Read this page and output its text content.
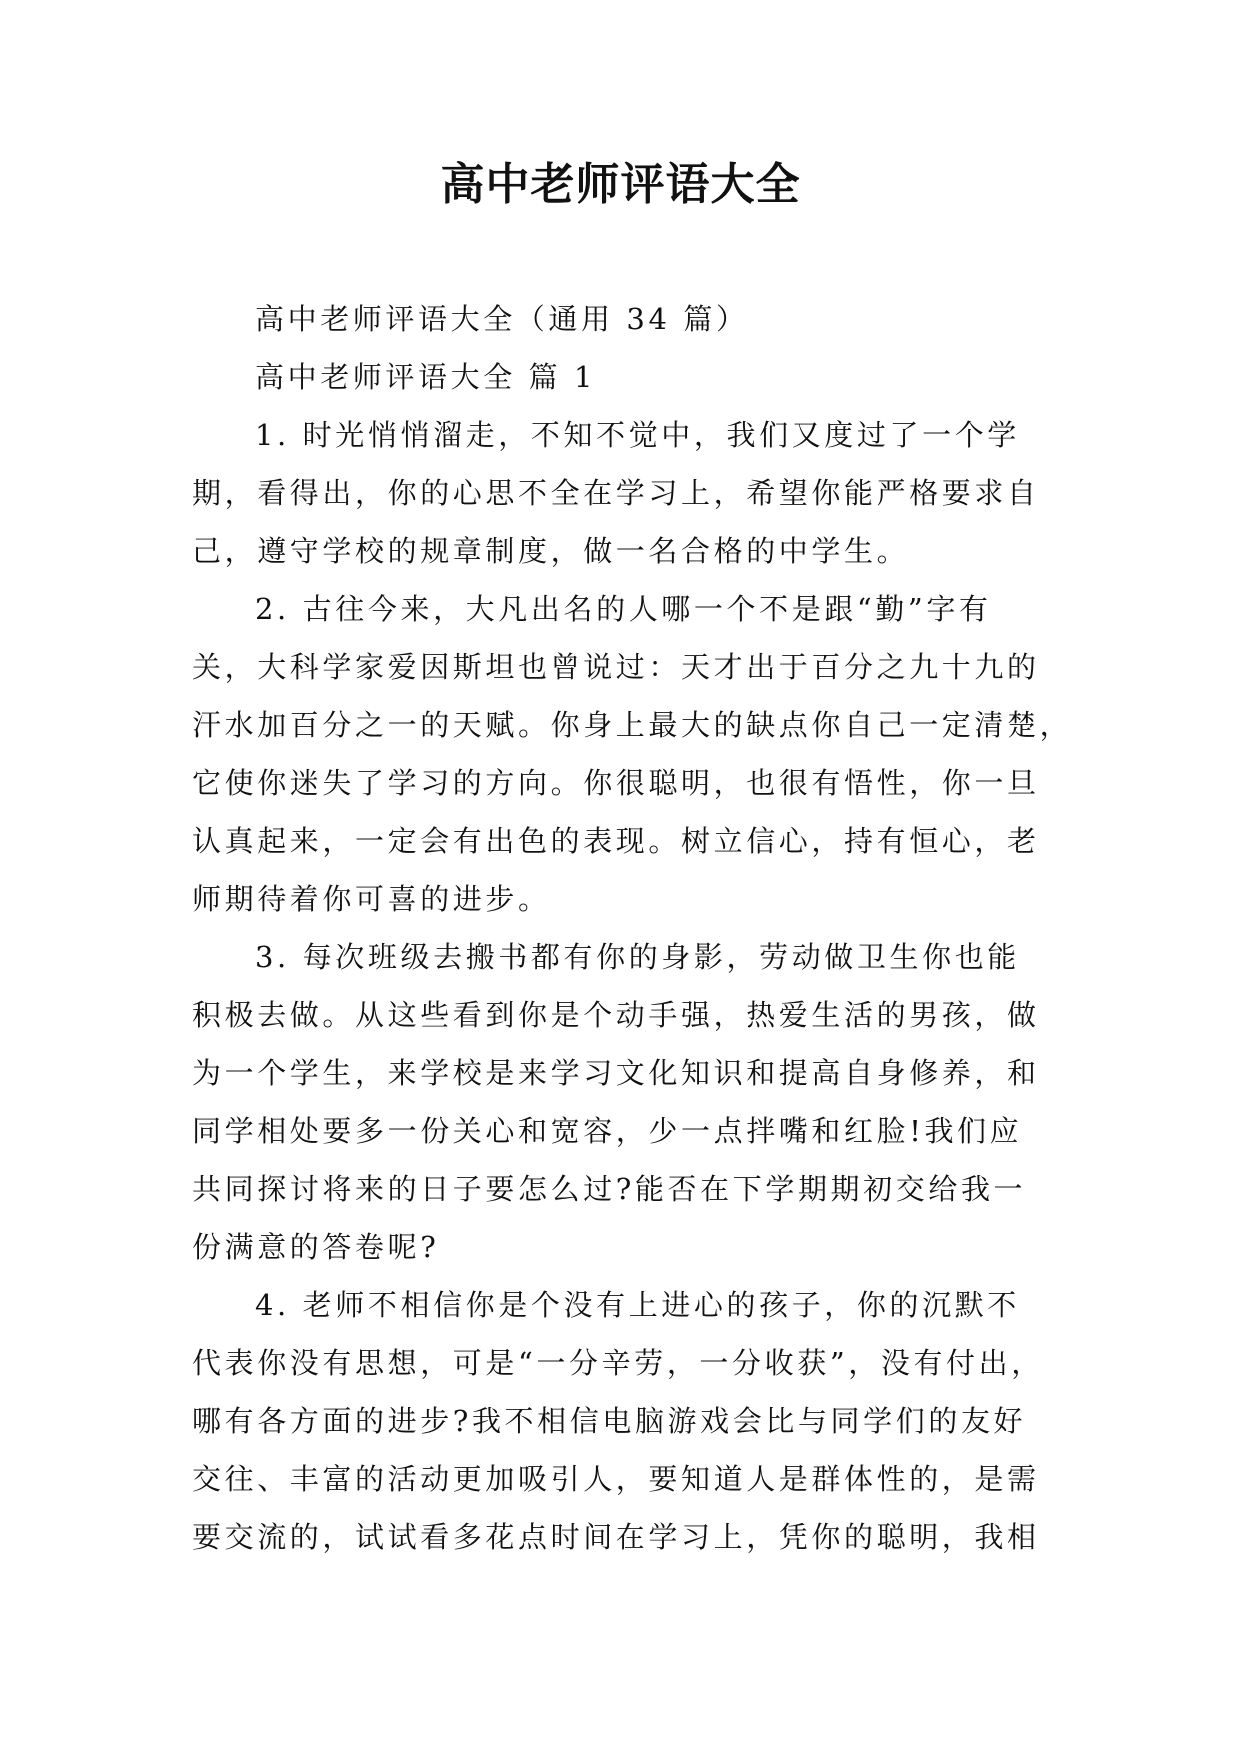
高中老师评语大全
高中老师评语大全（通用 34 篇）
高中老师评语大全 篇 1
1. 时光悄悄溜走，不知不觉中，我们又度过了一个学
期，看得出，你的心思不全在学习上，希望你能严格要求自
己，遵守学校的规章制度，做一名合格的中学生。
2. 古往今来，大凡出名的人哪一个不是跟“勤”字有
关，大科学家爱因斯坦也曾说过：天才出于百分之九十九的
汗水加百分之一的天赋。你身上最大的缺点你自己一定清楚，
它使你迷失了学习的方向。你很聪明，也很有悟性，你一旦
认真起来，一定会有出色的表现。树立信心，持有恒心，老
师期待着你可喜的进步。
3. 每次班级去搬书都有你的身影，劳动做卫生你也能
积极去做。从这些看到你是个动手强，热爱生活的男孩，做
为一个学生，来学校是来学习文化知识和提高自身修养，和
同学相处要多一份关心和宽容，少一点拌嘴和红脸!我们应
共同探讨将来的日子要怎么过?能否在下学期期初交给我一
份满意的答卷呢?
4. 老师不相信你是个没有上进心的孩子，你的沉默不
代表你没有思想，可是“一分辛劳，一分收获”，没有付出，
哪有各方面的进步?我不相信电脑游戏会比与同学们的友好
交往、丰富的活动更加吸引人，要知道人是群体性的，是需
要交流的，试试看多花点时间在学习上，凭你的聪明，我相
